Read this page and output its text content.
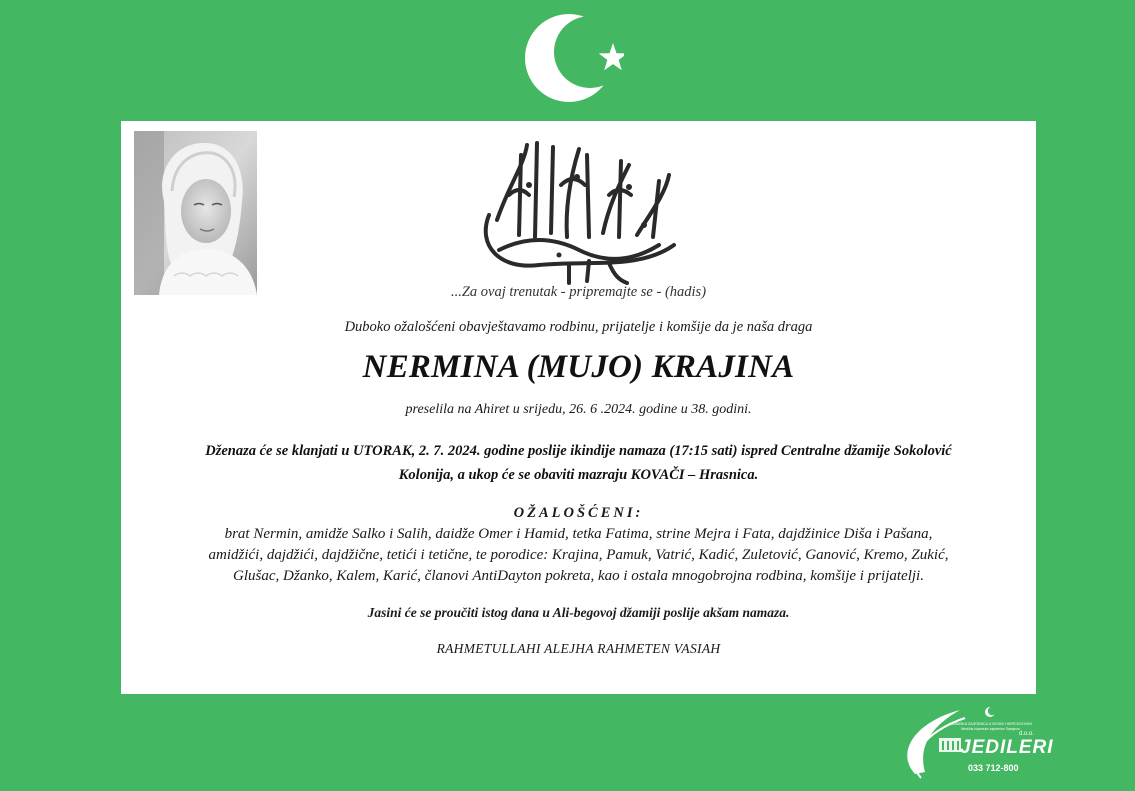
...Za ovaj trenutak - pripremajte se - (hadis)
Duboko ožalošćeni obavještavamo rodbinu, prijatelje i komšije da je naša draga
NERMINA (MUJO) KRAJINA
preselila na Ahiret u srijedu, 26. 6 .2024. godine u 38. godini.
Dženaza će se klanjati u UTORAK, 2. 7. 2024. godine poslije ikindije namaza (17:15 sati) ispred Centralne džamije Sokolović
Kolonija, a ukop će se obaviti mazraju KOVAČI – Hrasnica.
OŽALOŠĆENI:
brat Nermin, amidže Salko i Salih, daidže Omer i Hamid, tetka Fatima, strine Mejra i Fata, dajdžinice Diša i Pašana,
amidžići, dajdžići, dajdžične, tetići i tetične, te porodice: Krajina, Pamuk, Vatrić, Kadić, Zuletović, Ganović, Kremo, Zukić,
Glušac, Džanko, Kalem, Karić, članovi AntiDayton pokreta, kao i ostala mnogobrojna rodbina, komšije i prijatelji.
Jasini će se proučiti istog dana u Ali-begovoj džamiji poslije akšam namaza.
RAHMETULLAHI ALEJHA RAHMETEN VASIAH
ISLAMSKA ZAJEDNICA U BOSNI I HERCEGOVINI Medžlis Islamske zajednice Sarajevo
JEDILERI
d.o.o.
033 712-800
